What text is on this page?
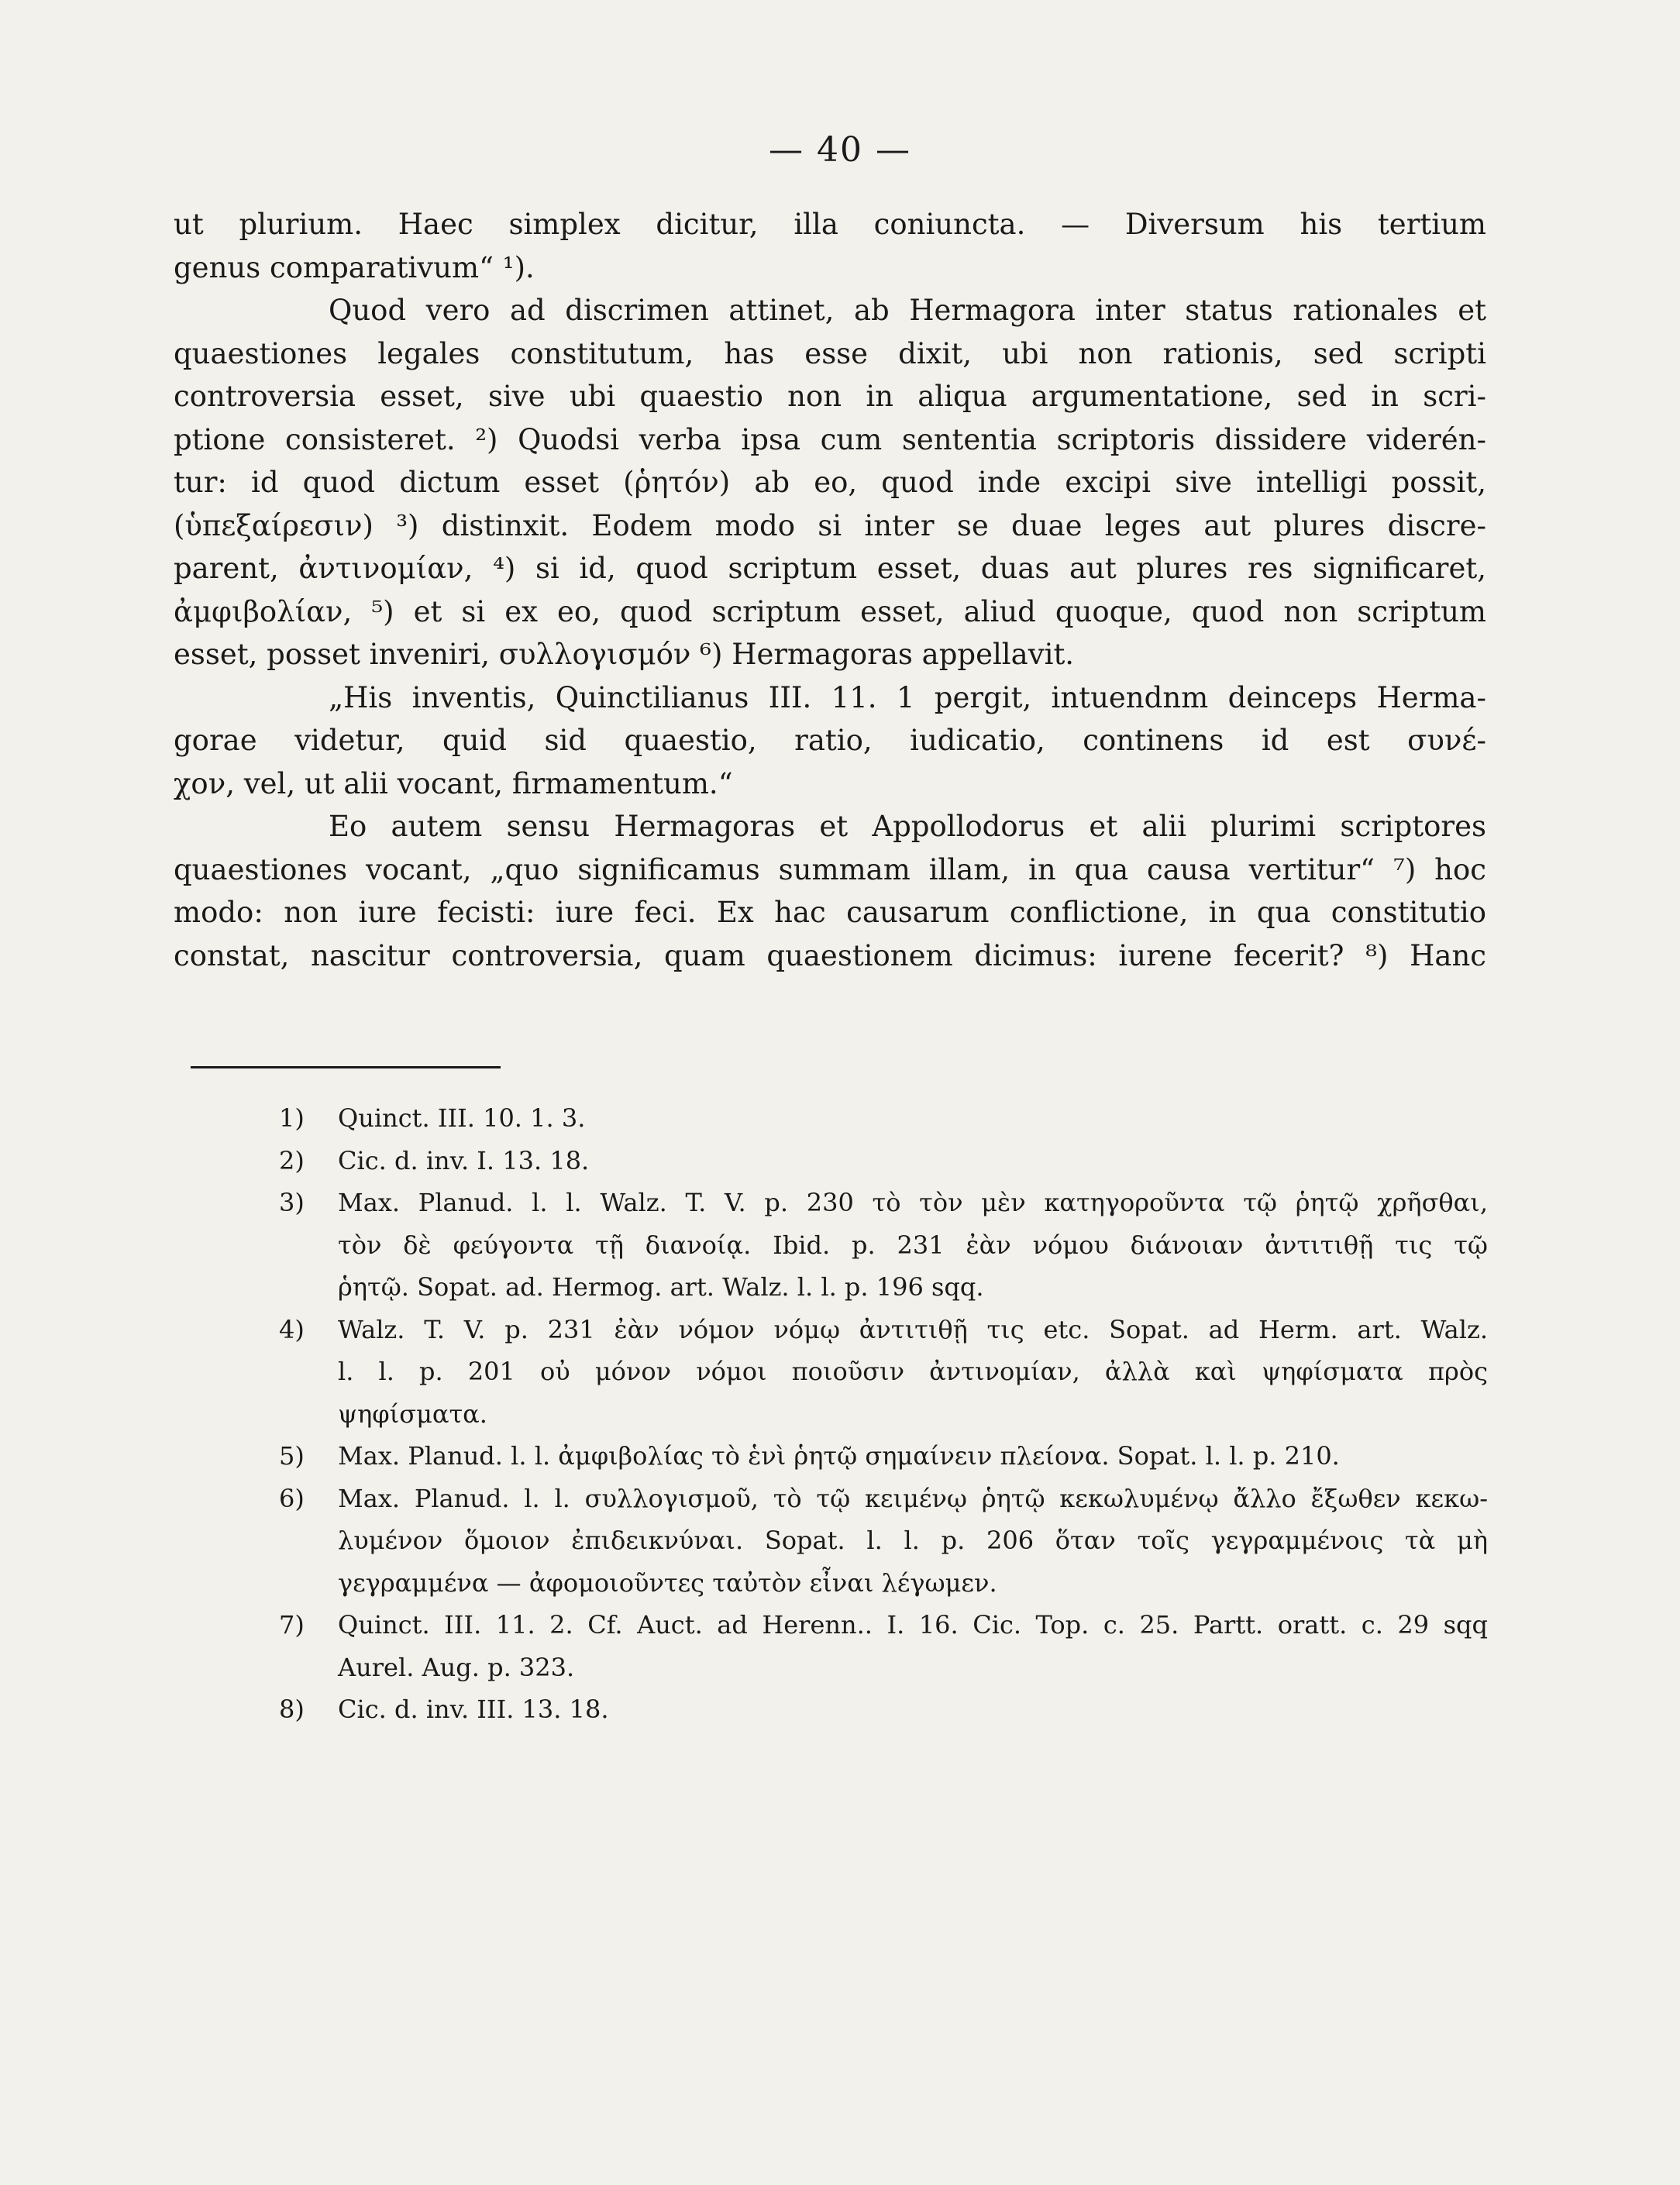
— 40 —
ut plurium. Haec simplex dicitur, illa coniuncta. — Diversum his tertium
genus comparativum“ ¹).
Quod vero ad discrimen attinet, ab Hermagora inter status rationales et
quaestiones legales constitutum, has esse dixit, ubi non rationis, sed scripti
controversia esset, sive ubi quaestio non in aliqua argumentatione, sed in scri-
ptione consisteret. ²) Quodsi verba ipsa cum sententia scriptoris dissidere viderén-
tur: id quod dictum esset (ῥητόν) ab eo, quod inde excipi sive intelligi possit,
(ὑπεξαίρεσιν) ³) distinxit. Eodem modo si inter se duae leges aut plures discre-
parent, ἀντινομίαν, ⁴) si id, quod scriptum esset, duas aut plures res significaret,
ἀμφιβολίαν, ⁵) et si ex eo, quod scriptum esset, aliud quoque, quod non scriptum
esset, posset inveniri, συλλογισμόν ⁶) Hermagoras appellavit.
„His inventis, Quinctilianus III. 11. 1 pergit, intuendnm deinceps Herma-
gorae videtur, quid sid quaestio, ratio, iudicatio, continens id est συνέ-
χον, vel, ut alii vocant, firmamentum.“
Eo autem sensu Hermagoras et Appollodorus et alii plurimi scriptores
quaestiones vocant, „quo significamus summam illam, in qua causa vertitur“ ⁷) hoc
modo: non iure fecisti: iure feci. Ex hac causarum conflictione, in qua constitutio
constat, nascitur controversia, quam quaestionem dicimus: iurene fecerit? ⁸) Hanc
1) Quinct. III. 10. 1. 3.
2) Cic. d. inv. I. 13. 18.
3) Max. Planud. l. l. Walz. T. V. p. 230 τὸ τὸν μὲν κατηγοροῦντα τῷ ῥητῷ χρῆσθαι,
τὸν δὲ φεύγοντα τῇ διανοίᾳ. Ibid. p. 231 ἐὰν νόμου διάνοιαν ἀντιτιθῇ τις τῷ
ῥητῷ. Sopat. ad. Hermog. art. Walz. l. l. p. 196 sqq.
4) Walz. T. V. p. 231 ἐὰν νόμον νόμῳ ἀντιτιθῇ τις etc. Sopat. ad Herm. art. Walz.
l. l. p. 201 οὐ μόνον νόμοι ποιοῦσιν ἀντινομίαν, ἀλλὰ καὶ ψηφίσματα πρὸς
ψηφίσματα.
5) Max. Planud. l. l. ἀμφιβολίας τὸ ἑνὶ ῥητῷ σημαίνειν πλείονα. Sopat. l. l. p. 210.
6) Max. Planud. l. l. συλλογισμοῦ, τὸ τῷ κειμένῳ ῥητῷ κεκωλυμένῳ ἄλλο ἔξωθεν κεκω-
λυμένον ὅμοιον ἐπιδεικνύναι. Sopat. l. l. p. 206 ὅταν τοῖς γεγραμμένοις τὰ μὴ
γεγραμμένα — ἀφομοιοῦντες ταὐτὸν εἶναι λέγωμεν.
7) Quinct. III. 11. 2. Cf. Auct. ad Herenn.. I. 16. Cic. Top. c. 25. Partt. oratt. c. 29 sqq
Aurel. Aug. p. 323.
8) Cic. d. inv. III. 13. 18.
